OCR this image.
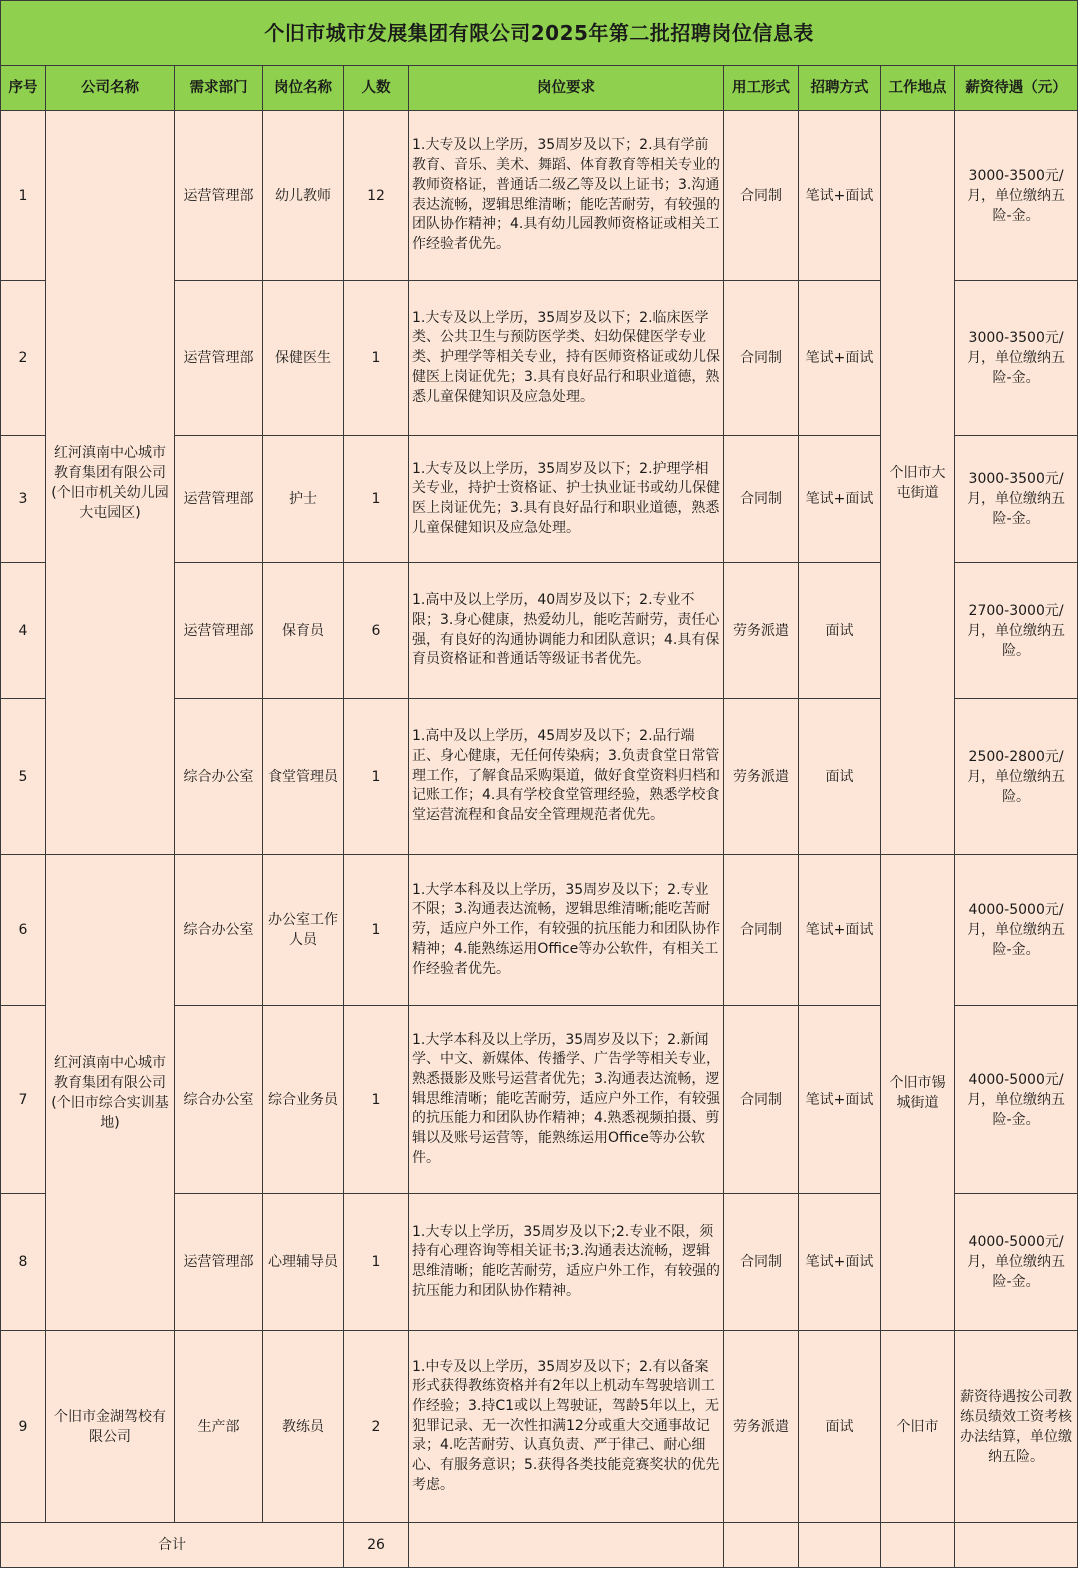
个旧市城市发展集团有限公司2025年第二批招聘岗位信息表									
序号	公司名称	需求部门	岗位名称	人数	岗位要求	用工形式	招聘方式	工作地点	薪资待遇（元）
1	红河滇南中心城市教育集团有限公司(个旧市机关幼儿园大屯园区)	运营管理部	幼儿教师	12	1.大专及以上学历，35周岁及以下；2.具有学前教育、音乐、美术、舞蹈、体育教育等相关专业的教师资格证，普通话二级乙等及以上证书；3.沟通表达流畅，逻辑思维清晰；能吃苦耐劳，有较强的团队协作精神；4.具有幼儿园教师资格证或相关工作经验者优先。	合同制	笔试+面试	个旧市大屯街道	3000-3500元/月，单位缴纳五险-金。
2		运营管理部	保健医生	1	1.大专及以上学历，35周岁及以下；2.临床医学类、公共卫生与预防医学类、妇幼保健医学专业类、护理学等相关专业，持有医师资格证或幼儿保健医上岗证优先；3.具有良好品行和职业道德，熟悉儿童保健知识及应急处理。	合同制	笔试+面试		3000-3500元/月，单位缴纳五险-金。
3		运营管理部	护士	1	1.大专及以上学历，35周岁及以下；2.护理学相关专业，持护士资格证、护士执业证书或幼儿保健医上岗证优先；3.具有良好品行和职业道德，熟悉儿童保健知识及应急处理。	合同制	笔试+面试		3000-3500元/月，单位缴纳五险-金。
4		运营管理部	保育员	6	1.高中及以上学历，40周岁及以下；2.专业不限；3.身心健康，热爱幼儿，能吃苦耐劳，责任心强，有良好的沟通协调能力和团队意识；4.具有保育员资格证和普通话等级证书者优先。	劳务派遣	面试		2700-3000元/月，单位缴纳五险。
5		综合办公室	食堂管理员	1	1.高中及以上学历，45周岁及以下；2.品行端正、身心健康，无任何传染病；3.负责食堂日常管理工作，了解食品采购渠道，做好食堂资料归档和记账工作；4.具有学校食堂管理经验，熟悉学校食堂运营流程和食品安全管理规范者优先。	劳务派遣	面试		2500-2800元/月，单位缴纳五险。
6	红河滇南中心城市教育集团有限公司(个旧市综合实训基地)	综合办公室	办公室工作人员	1	1.大学本科及以上学历，35周岁及以下；2.专业不限；3.沟通表达流畅，逻辑思维清晰;能吃苦耐劳，适应户外工作，有较强的抗压能力和团队协作精神；4.能熟练运用Office等办公软件，有相关工作经验者优先。	合同制	笔试+面试	个旧市锡城街道	4000-5000元/月，单位缴纳五险-金。
7		综合办公室	综合业务员	1	1.大学本科及以上学历，35周岁及以下；2.新闻学、中文、新媒体、传播学、广告学等相关专业，熟悉摄影及账号运营者优先；3.沟通表达流畅，逻辑思维清晰；能吃苦耐劳，适应户外工作，有较强的抗压能力和团队协作精神；4.熟悉视频拍摄、剪辑以及账号运营等，能熟练运用Office等办公软件。	合同制	笔试+面试		4000-5000元/月，单位缴纳五险-金。
8		运营管理部	心理辅导员	1	1.大专以上学历，35周岁及以下;2.专业不限，须持有心理咨询等相关证书;3.沟通表达流畅，逻辑思维清晰；能吃苦耐劳，适应户外工作，有较强的抗压能力和团队协作精神。	合同制	笔试+面试		4000-5000元/月，单位缴纳五险-金。
9	个旧市金湖驾校有限公司	生产部	教练员	2	1.中专及以上学历，35周岁及以下；2.有以备案形式获得教练资格并有2年以上机动车驾驶培训工作经验；3.持C1或以上驾驶证，驾龄5年以上，无犯罪记录、无一次性扣满12分或重大交通事故记录；4.吃苦耐劳、认真负责、严于律己、耐心细心、有服务意识；5.获得各类技能竞赛奖状的优先考虑。	劳务派遣	面试	个旧市	薪资待遇按公司教练员绩效工资考核办法结算，单位缴纳五险。
合计				26					
